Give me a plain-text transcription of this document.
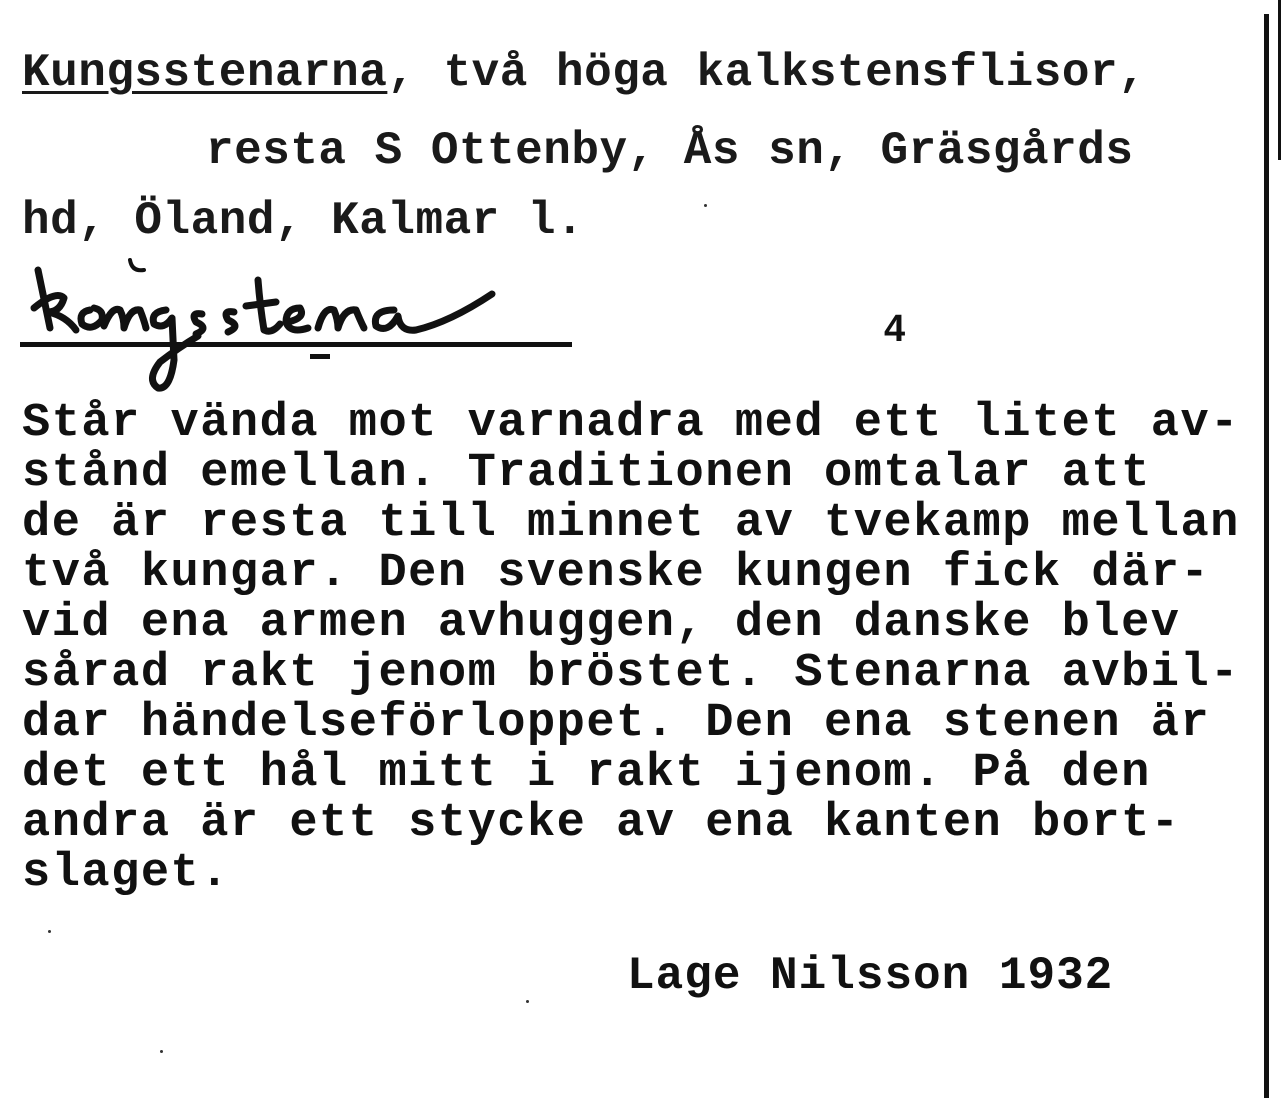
Kungsstenarna, två höga kalkstensflisor,
resta S Ottenby, Ås sn, Gräsgårds
hd, Öland, Kalmar l.
4
Står vända mot varnadra med ett litet av-
stånd emellan. Traditionen omtalar att
de är resta till minnet av tvekamp mellan
två kungar. Den svenske kungen fick där-
vid ena armen avhuggen, den danske blev
sårad rakt jenom bröstet. Stenarna avbil-
dar händelseförloppet. Den ena stenen är
det ett hål mitt i rakt ijenom. På den
andra är ett stycke av ena kanten bort-
slaget.
Lage Nilsson 1932
